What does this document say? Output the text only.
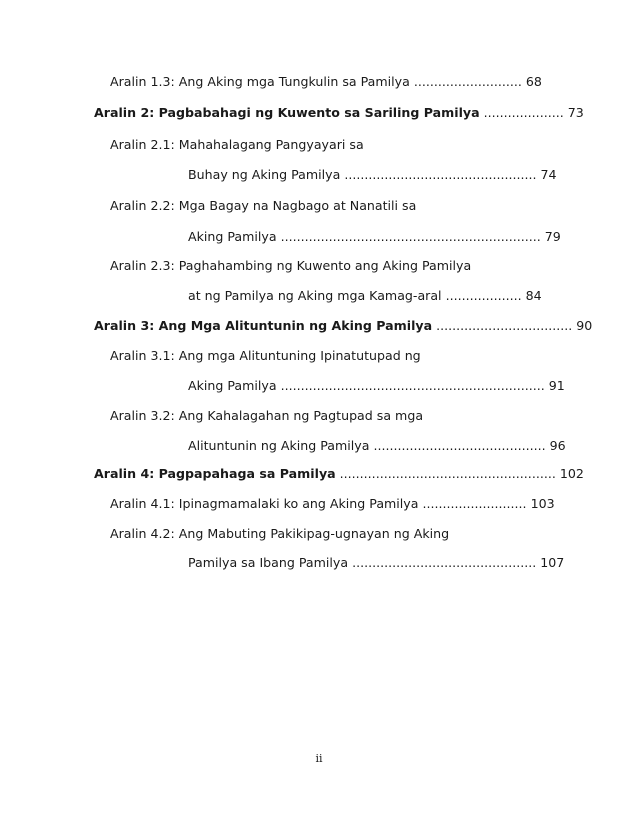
Aralin 1.3: Ang Aking mga Tungkulin sa Pamilya ........................... 68
Aralin 2: Pagbabahagi ng Kuwento sa Sariling Pamilya .................... 73
Aralin 2.1: Mahahalagang Pangyayari sa
Buhay ng Aking Pamilya ................................................ 74
Aralin 2.2: Mga Bagay na Nagbago at Nanatili sa
Aking Pamilya ................................................................. 79
Aralin 2.3: Paghahambing ng Kuwento ang Aking Pamilya
at ng Pamilya ng Aking mga Kamag-aral ................... 84
Aralin 3: Ang Mga Alituntunin ng Aking Pamilya .................................. 90
Aralin 3.1: Ang mga Alituntuning Ipinatutupad ng
Aking Pamilya .................................................................. 91
Aralin 3.2: Ang Kahalagahan ng Pagtupad sa mga
Alituntunin ng Aking Pamilya ........................................... 96
Aralin 4: Pagpapahaga sa Pamilya ...................................................... 102
Aralin 4.1: Ipinagmamalaki ko ang Aking Pamilya .......................... 103
Aralin 4.2: Ang Mabuting Pakikipag-ugnayan ng Aking
Pamilya sa Ibang Pamilya .............................................. 107
ii
